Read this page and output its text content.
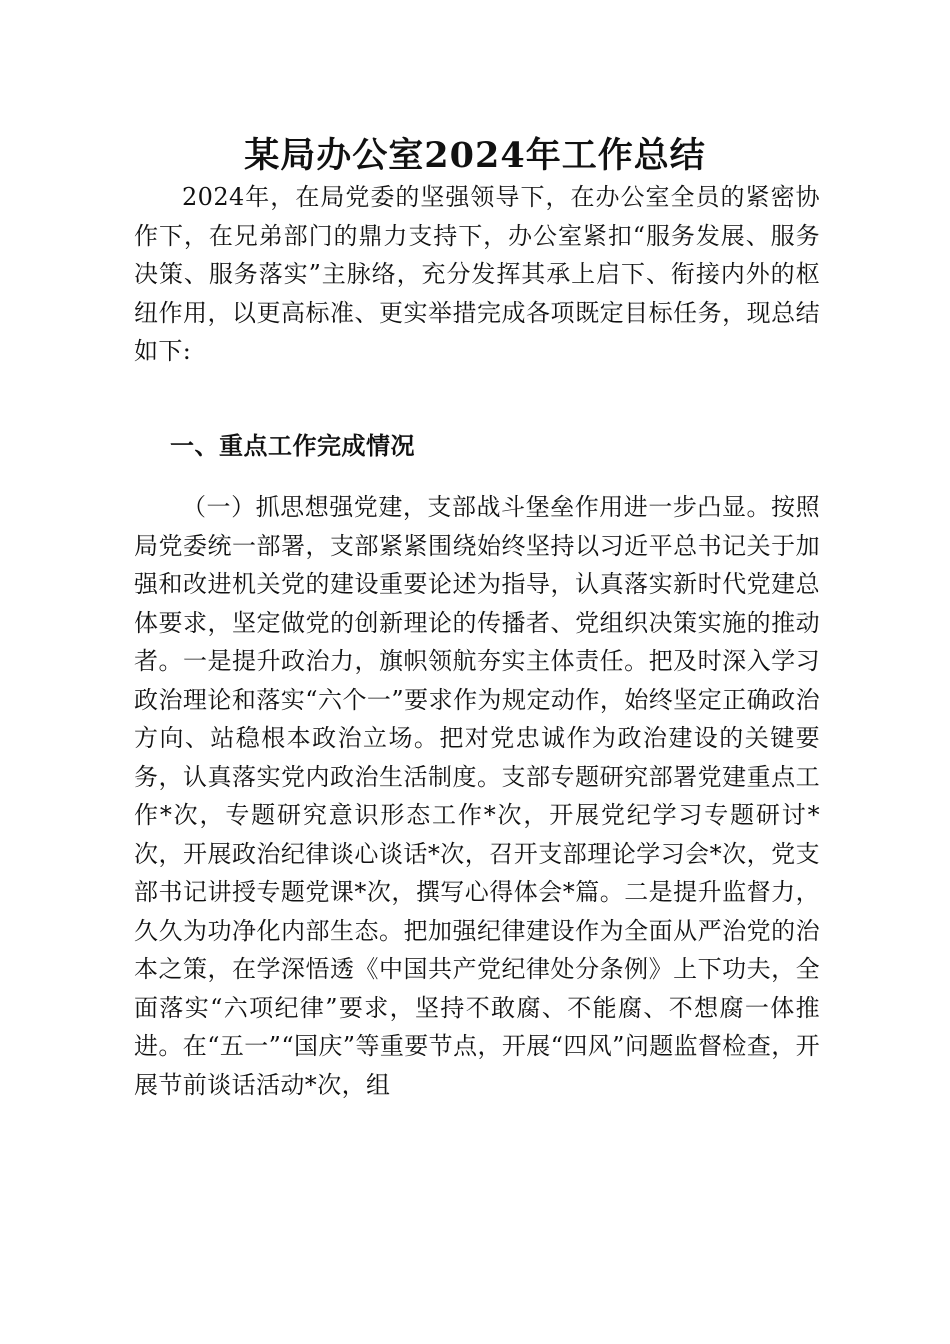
某局办公室2024年工作总结
2024年，在局党委的坚强领导下，在办公室全员的紧密协作下，在兄弟部门的鼎力支持下，办公室紧扣“服务发展、服务决策、服务落实”主脉络，充分发挥其承上启下、衔接内外的枢纽作用，以更高标准、更实举措完成各项既定目标任务，现总结如下:
一、重点工作完成情况
（一）抓思想强党建，支部战斗堡垒作用进一步凸显。按照局党委统一部署，支部紧紧围绕始终坚持以习近平总书记关于加强和改进机关党的建设重要论述为指导，认真落实新时代党建总体要求，坚定做党的创新理论的传播者、党组织决策实施的推动者。一是提升政治力，旗帜领航夯实主体责任。把及时深入学习政治理论和落实“六个一”要求作为规定动作，始终坚定正确政治方向、站稳根本政治立场。把对党忠诚作为政治建设的关键要务，认真落实党内政治生活制度。支部专题研究部署党建重点工作*次，专题研究意识形态工作*次，开展党纪学习专题研讨*次，开展政治纪律谈心谈话*次，召开支部理论学习会*次，党支部书记讲授专题党课*次，撰写心得体会*篇。二是提升监督力，久久为功净化内部生态。把加强纪律建设作为全面从严治党的治本之策，在学深悟透《中国共产党纪律处分条例》上下功夫，全面落实“六项纪律”要求，坚持不敢腐、不能腐、不想腐一体推进。在“五一”“国庆”等重要节点，开展“四风”问题监督检查，开展节前谈话活动*次，组
